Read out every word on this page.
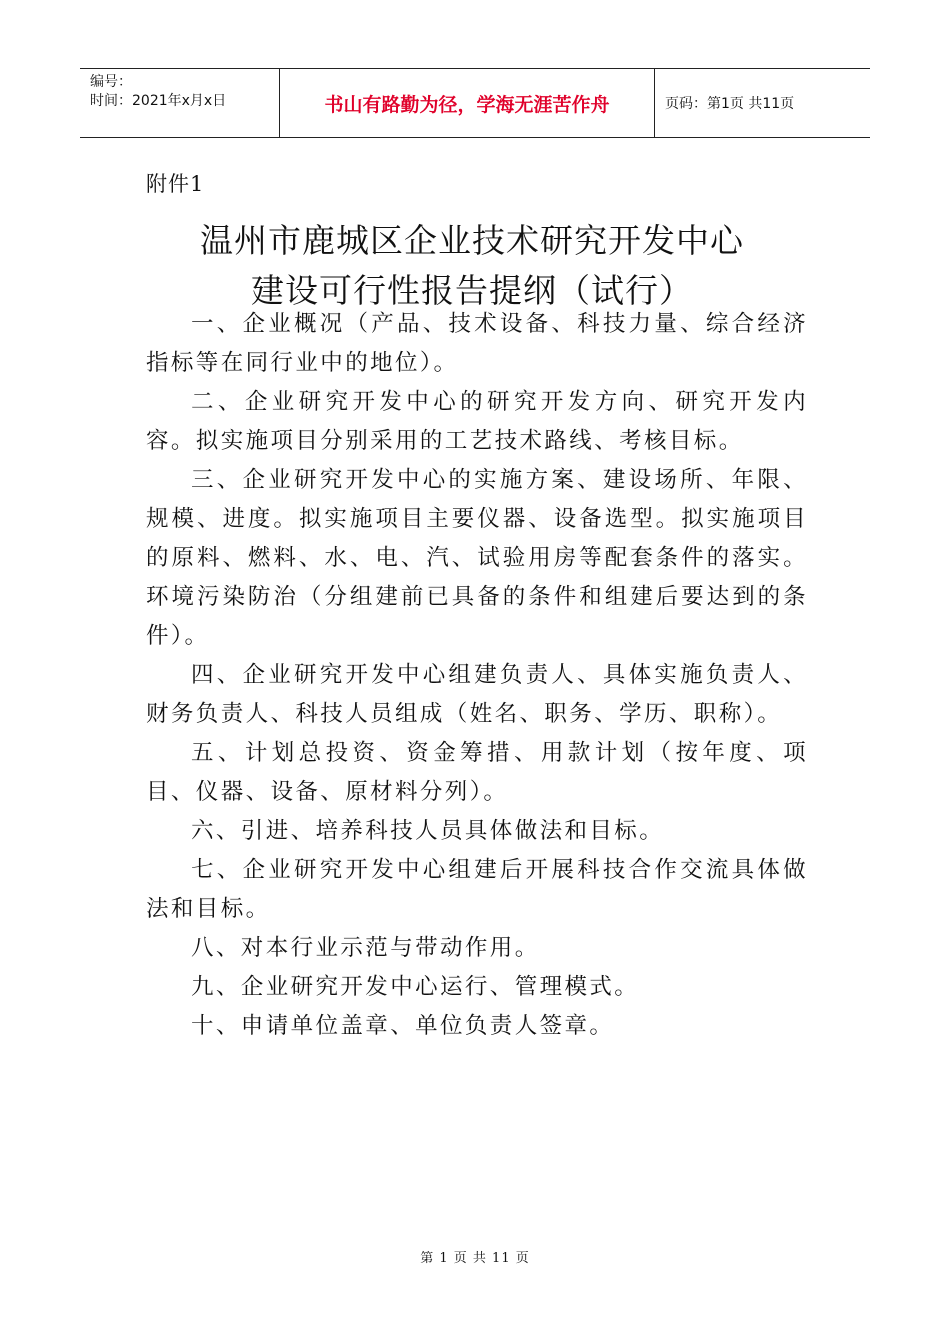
编号：
时间：2021年x月x日	书山有路勤为径，学海无涯苦作舟	页码：第1页 共11页
附件1
温州市鹿城区企业技术研究开发中心
建设可行性报告提纲（试行）

一、企业概况（产品、技术设备、科技力量、综合经济指标等在同行业中的地位）。

二、企业研究开发中心的研究开发方向、研究开发内容。拟实施项目分别采用的工艺技术路线、考核目标。

三、企业研究开发中心的实施方案、建设场所、年限、规模、进度。拟实施项目主要仪器、设备选型。拟实施项目的原料、燃料、水、电、汽、试验用房等配套条件的落实。环境污染防治（分组建前已具备的条件和组建后要达到的条件）。

四、企业研究开发中心组建负责人、具体实施负责人、财务负责人、科技人员组成（姓名、职务、学历、职称）。

五、计划总投资、资金筹措、用款计划（按年度、项目、仪器、设备、原材料分列）。

六、引进、培养科技人员具体做法和目标。

七、企业研究开发中心组建后开展科技合作交流具体做法和目标。

八、对本行业示范与带动作用。

九、企业研究开发中心运行、管理模式。

十、申请单位盖章、单位负责人签章。

第 1 页 共 11 页
